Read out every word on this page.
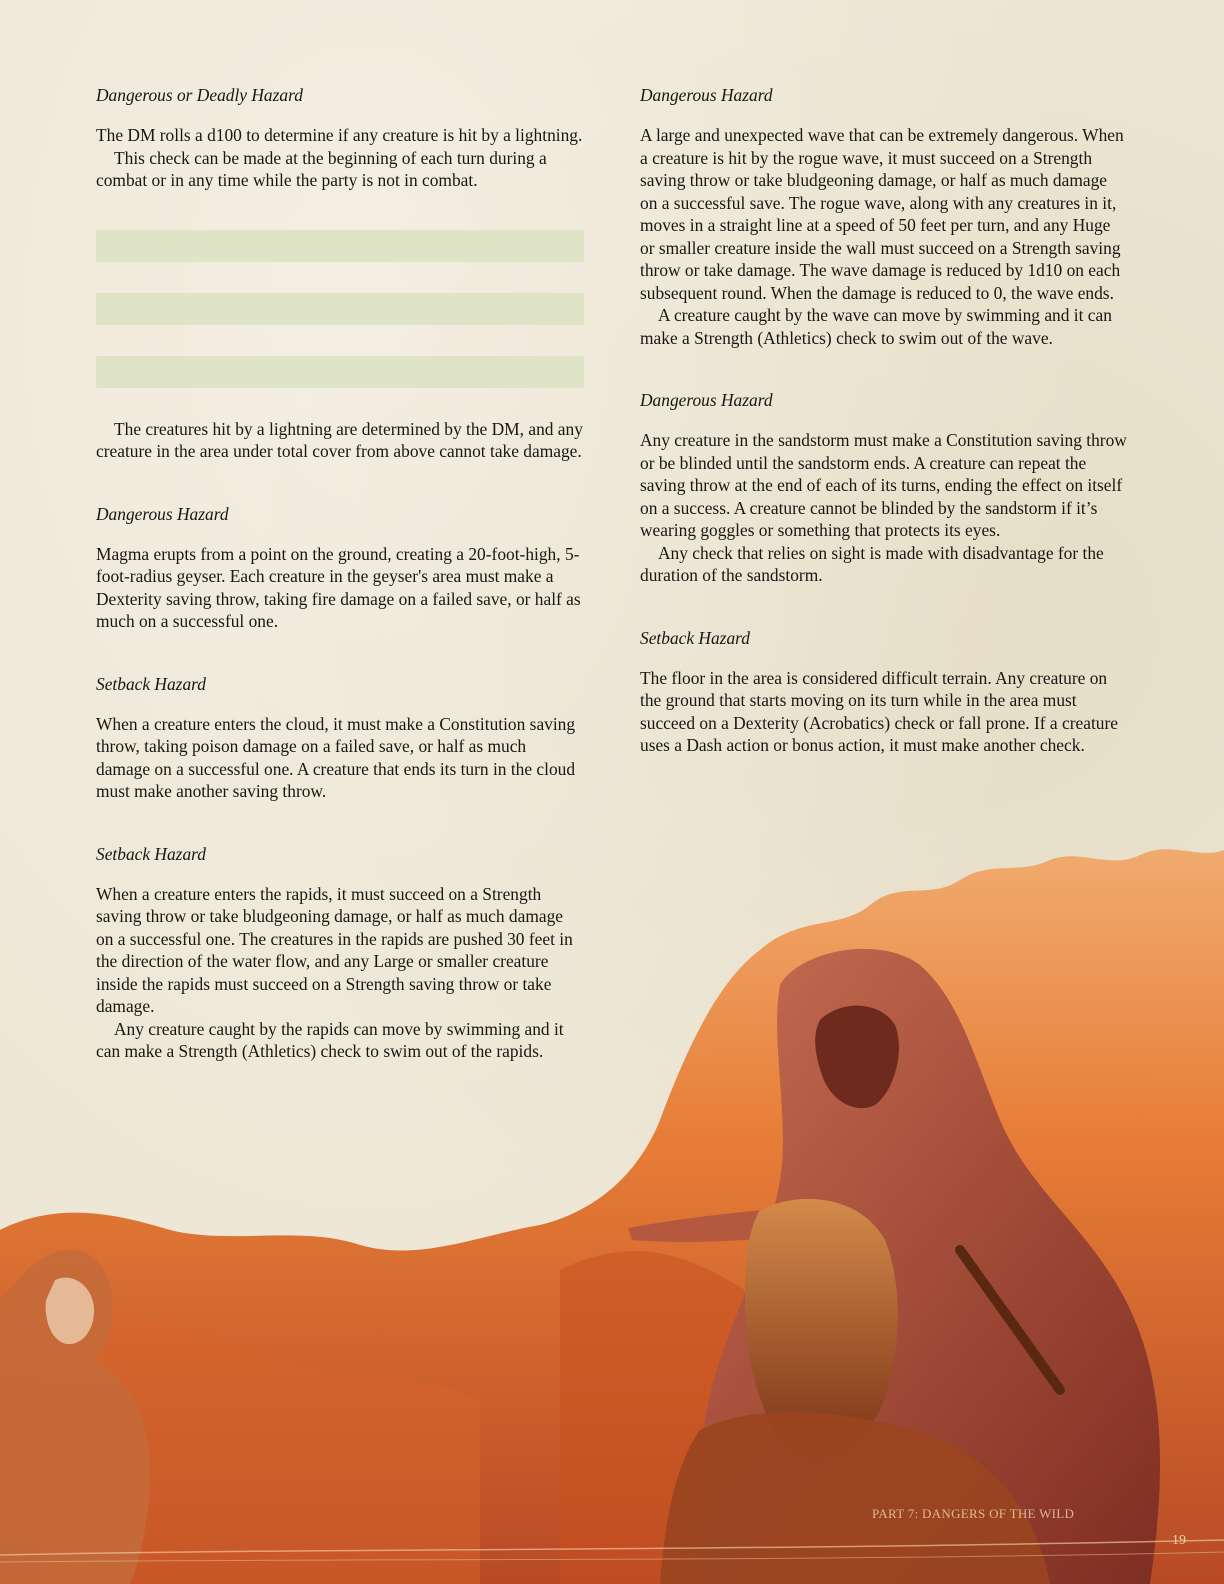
Dangerous or Deadly Hazard

The DM rolls a d100 to determine if any creature is hit by a lightning.

This check can be made at the beginning of each turn during a combat or in any time while the party is not in combat.

The creatures hit by a lightning are determined by the DM, and any creature in the area under total cover from above cannot take damage.

Dangerous Hazard

Magma erupts from a point on the ground, creating a 20-foot-high, 5-foot-radius geyser. Each creature in the geyser's area must make a Dexterity saving throw, taking fire damage on a failed save, or half as much on a successful one.

Setback Hazard

When a creature enters the cloud, it must make a Constitution saving throw, taking poison damage on a failed save, or half as much damage on a successful one. A creature that ends its turn in the cloud must make another saving throw.

Setback Hazard

When a creature enters the rapids, it must succeed on a Strength saving throw or take bludgeoning damage, or half as much damage on a successful one. The creatures in the rapids are pushed 30 feet in the direction of the water flow, and any Large or smaller creature inside the rapids must succeed on a Strength saving throw or take damage.

Any creature caught by the rapids can move by swimming and it can make a Strength (Athletics) check to swim out of the rapids.

Dangerous Hazard

A large and unexpected wave that can be extremely dangerous. When a creature is hit by the rogue wave, it must succeed on a Strength saving throw or take bludgeoning damage, or half as much damage on a successful save. The rogue wave, along with any creatures in it, moves in a straight line at a speed of 50 feet per turn, and any Huge or smaller creature inside the wall must succeed on a Strength saving throw or take damage. The wave damage is reduced by 1d10 on each subsequent round. When the damage is reduced to 0, the wave ends.

A creature caught by the wave can move by swimming and it can make a Strength (Athletics) check to swim out of the wave.

Dangerous Hazard

Any creature in the sandstorm must make a Constitution saving throw or be blinded until the sandstorm ends. A creature can repeat the saving throw at the end of each of its turns, ending the effect on itself on a success. A creature cannot be blinded by the sandstorm if it’s wearing goggles or something that protects its eyes.

Any check that relies on sight is made with disadvantage for the duration of the sandstorm.

Setback Hazard

The floor in the area is considered difficult terrain. Any creature on the ground that starts moving on its turn while in the area must succeed on a Dexterity (Acrobatics) check or fall prone. If a creature uses a Dash action or bonus action, it must make another check.

PART 7: DANGERS OF THE WILD
19
